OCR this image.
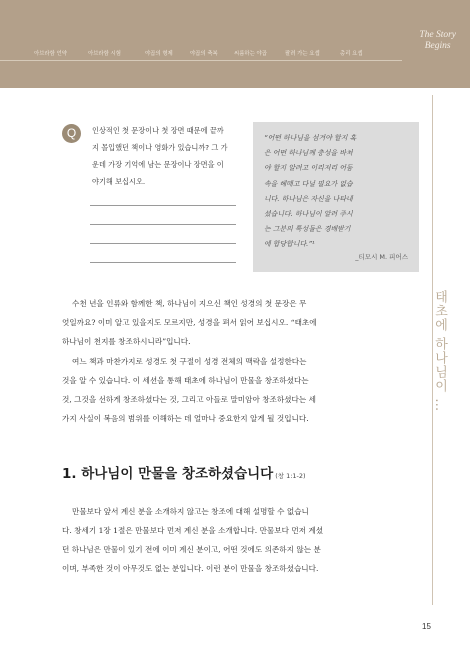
The Story
Begins
아브라함 언약	아브라함 시험	야곱의 형제	야곱의 축복	씨름하는 야곱	팔려 가는 요셉	총리 요셉
태초에 하나님이 …
Q	인상적인 첫 문장이나 첫 장면 때문에 끝까
지 몰입했던 책이나 영화가 있습니까? 그 가
운데 가장 기억에 남는 문장이나 장면을 이
야기해 보십시오.
“어떤 하나님을 섬겨야 할지 혹
은 어떤 하나님께 충성을 바쳐
야 할지 알려고 이리저리 어둠
속을 헤매고 다닐 필요가 없습
니다. 하나님은 자신을 나타내
셨습니다. 하나님이 알려 주시
는 그분의 특성들은 경배받기
에 합당합니다.”¹
_티모시 M. 피어스
수천 년을 인류와 함께한 책, 하나님이 지으신 책인 성경의 첫 문장은 무
엇일까요? 이미 알고 있을지도 모르지만, 성경을 펴서 읽어 보십시오. “태초에
하나님이 천지를 창조하시니라”입니다.
여느 책과 마찬가지로 성경도 첫 구절이 성경 전체의 맥락을 설정한다는
것을 알 수 있습니다. 이 세션을 통해 태초에 하나님이 만물을 창조하셨다는
것, 그것을 선하게 창조하셨다는 것, 그리고 아들로 말미암아 창조하셨다는 세
가지 사실이 복음의 범위를 이해하는 데 얼마나 중요한지 알게 될 것입니다.
1. 하나님이 만물을 창조하셨습니다 (창 1:1-2)
만물보다 앞서 계신 분을 소개하지 않고는 창조에 대해 설명할 수 없습니
다. 창세기 1장 1절은 만물보다 먼저 계신 분을 소개합니다. 만물보다 먼저 계셨
던 하나님은 만물이 있기 전에 이미 계신 분이고, 어떤 것에도 의존하지 않는 분
이며, 부족한 것이 아무것도 없는 분입니다. 이런 분이 만물을 창조하셨습니다.
15
